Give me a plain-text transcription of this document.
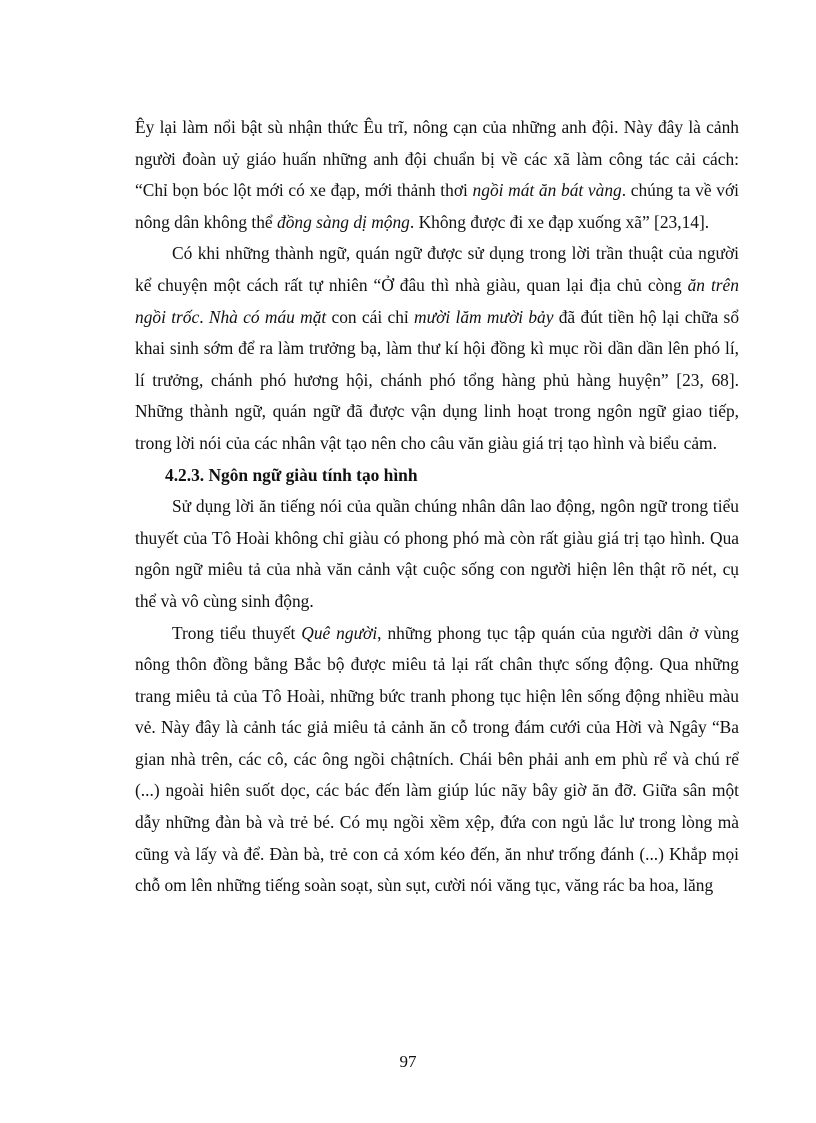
Êy lại làm nổi bật sù nhận thức Êu trĩ, nông cạn của những anh đội. Này đây là cảnh người đoàn uỷ giáo huấn những anh đội chuẩn bị về các xã làm công tác cải cách: “Chỉ bọn bóc lột mới có xe đạp, mới thảnh thơi ngồi mát ăn bát vàng. chúng ta về với nông dân không thể đồng sàng dị mộng. Không được đi xe đạp xuống xã” [23,14].

Có khi những thành ngữ, quán ngữ được sử dụng trong lời trần thuật của người kể chuyện một cách rất tự nhiên “Ở đâu thì nhà giàu, quan lại địa chủ còng ăn trên ngồi trốc. Nhà có máu mặt con cái chỉ mười lăm mười bảy đã đút tiền hộ lại chữa sổ khai sinh sớm để ra làm trưởng bạ, làm thư kí hội đồng kì mục rồi dần dần lên phó lí, lí trưởng, chánh phó hương hội, chánh phó tổng hàng phủ hàng huyện” [23, 68]. Những thành ngữ, quán ngữ đã được vận dụng linh hoạt trong ngôn ngữ giao tiếp, trong lời nói của các nhân vật tạo nên cho câu văn giàu giá trị tạo hình và biểu cảm.

4.2.3. Ngôn ngữ giàu tính tạo hình

Sử dụng lời ăn tiếng nói của quần chúng nhân dân lao động, ngôn ngữ trong tiểu thuyết của Tô Hoài không chỉ giàu có phong phó mà còn rất giàu giá trị tạo hình. Qua ngôn ngữ miêu tả của nhà văn cảnh vật cuộc sống con người hiện lên thật rõ nét, cụ thể và vô cùng sinh động.

Trong tiểu thuyết Quê người, những phong tục tập quán của người dân ở vùng nông thôn đồng bằng Bắc bộ được miêu tả lại rất chân thực sống động. Qua những trang miêu tả của Tô Hoài, những bức tranh phong tục hiện lên sống động nhiều màu vẻ. Này đây là cảnh tác giả miêu tả cảnh ăn cỗ trong đám cưới của Hời và Ngây “Ba gian nhà trên, các cô, các ông ngồi chậtních. Chái bên phải anh em phù rể và chú rể (...) ngoài hiên suốt dọc, các bác đến làm giúp lúc nãy bây giờ ăn đỡ. Giữa sân một dẫy những đàn bà và trẻ bé. Có mụ ngồi xềm xệp, đứa con ngủ lắc lư trong lòng mà cũng và lấy và để. Đàn bà, trẻ con cả xóm kéo đến, ăn như trống đánh (...) Khắp mọi chỗ om lên những tiếng soàn soạt, sùn sụt, cười nói văng tục, văng rác ba hoa, lăng

97
